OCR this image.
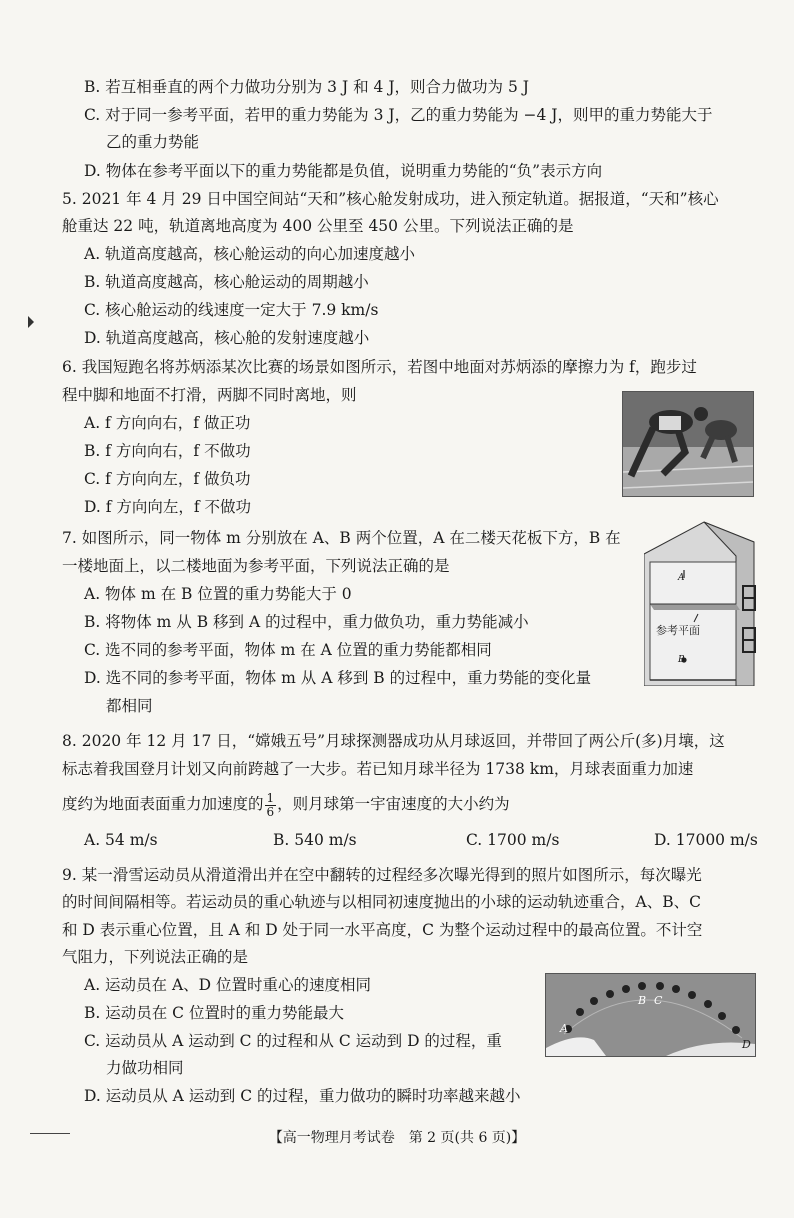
B. 若互相垂直的两个力做功分别为 3 J 和 4 J，则合力做功为 5 J
C. 对于同一参考平面，若甲的重力势能为 3 J，乙的重力势能为 −4 J，则甲的重力势能大于
乙的重力势能
D. 物体在参考平面以下的重力势能都是负值，说明重力势能的“负”表示方向
5. 2021 年 4 月 29 日中国空间站“天和”核心舱发射成功，进入预定轨道。据报道，“天和”核心
舱重达 22 吨，轨道离地高度为 400 公里至 450 公里。下列说法正确的是
A. 轨道高度越高，核心舱运动的向心加速度越小
B. 轨道高度越高，核心舱运动的周期越小
C. 核心舱运动的线速度一定大于 7.9 km/s
D. 轨道高度越高，核心舱的发射速度越小
6. 我国短跑名将苏炳添某次比赛的场景如图所示，若图中地面对苏炳添的摩擦力为 f，跑步过
程中脚和地面不打滑，两脚不同时离地，则
A. f 方向向右，f 做正功
B. f 方向向右，f 不做功
C. f 方向向左，f 做负功
D. f 方向向左，f 不做功
7. 如图所示，同一物体 m 分别放在 A、B 两个位置，A 在二楼天花板下方，B 在
一楼地面上，以二楼地面为参考平面，下列说法正确的是
A. 物体 m 在 B 位置的重力势能大于 0
B. 将物体 m 从 B 移到 A 的过程中，重力做负功，重力势能减小
C. 选不同的参考平面，物体 m 在 A 位置的重力势能都相同
D. 选不同的参考平面，物体 m 从 A 移到 B 的过程中，重力势能的变化量
都相同
A
参考平面
B
8. 2020 年 12 月 17 日，“嫦娥五号”月球探测器成功从月球返回，并带回了两公斤(多)月壤，这
标志着我国登月计划又向前跨越了一大步。若已知月球半径为 1738 km，月球表面重力加速
度约为地面表面重力加速度的 $\frac{1}{6}$ ，则月球第一宇宙速度的大小约为
A. 54 m/s	B. 540 m/s	C. 1700 m/s	D. 17000 m/s
9. 某一滑雪运动员从滑道滑出并在空中翻转的过程经多次曝光得到的照片如图所示，每次曝光
的时间间隔相等。若运动员的重心轨迹与以相同初速度抛出的小球的运动轨迹重合，A、B、C
和 D 表示重心位置，且 A 和 D 处于同一水平高度，C 为整个运动过程中的最高位置。不计空
气阻力，下列说法正确的是
A. 运动员在 A、D 位置时重心的速度相同
B. 运动员在 C 位置时的重力势能最大
C. 运动员从 A 运动到 C 的过程和从 C 运动到 D 的过程，重
力做功相同
D. 运动员从 A 运动到 C 的过程，重力做功的瞬时功率越来越小
A
B C
D
【高一物理月考试卷　第 2 页(共 6 页)】
